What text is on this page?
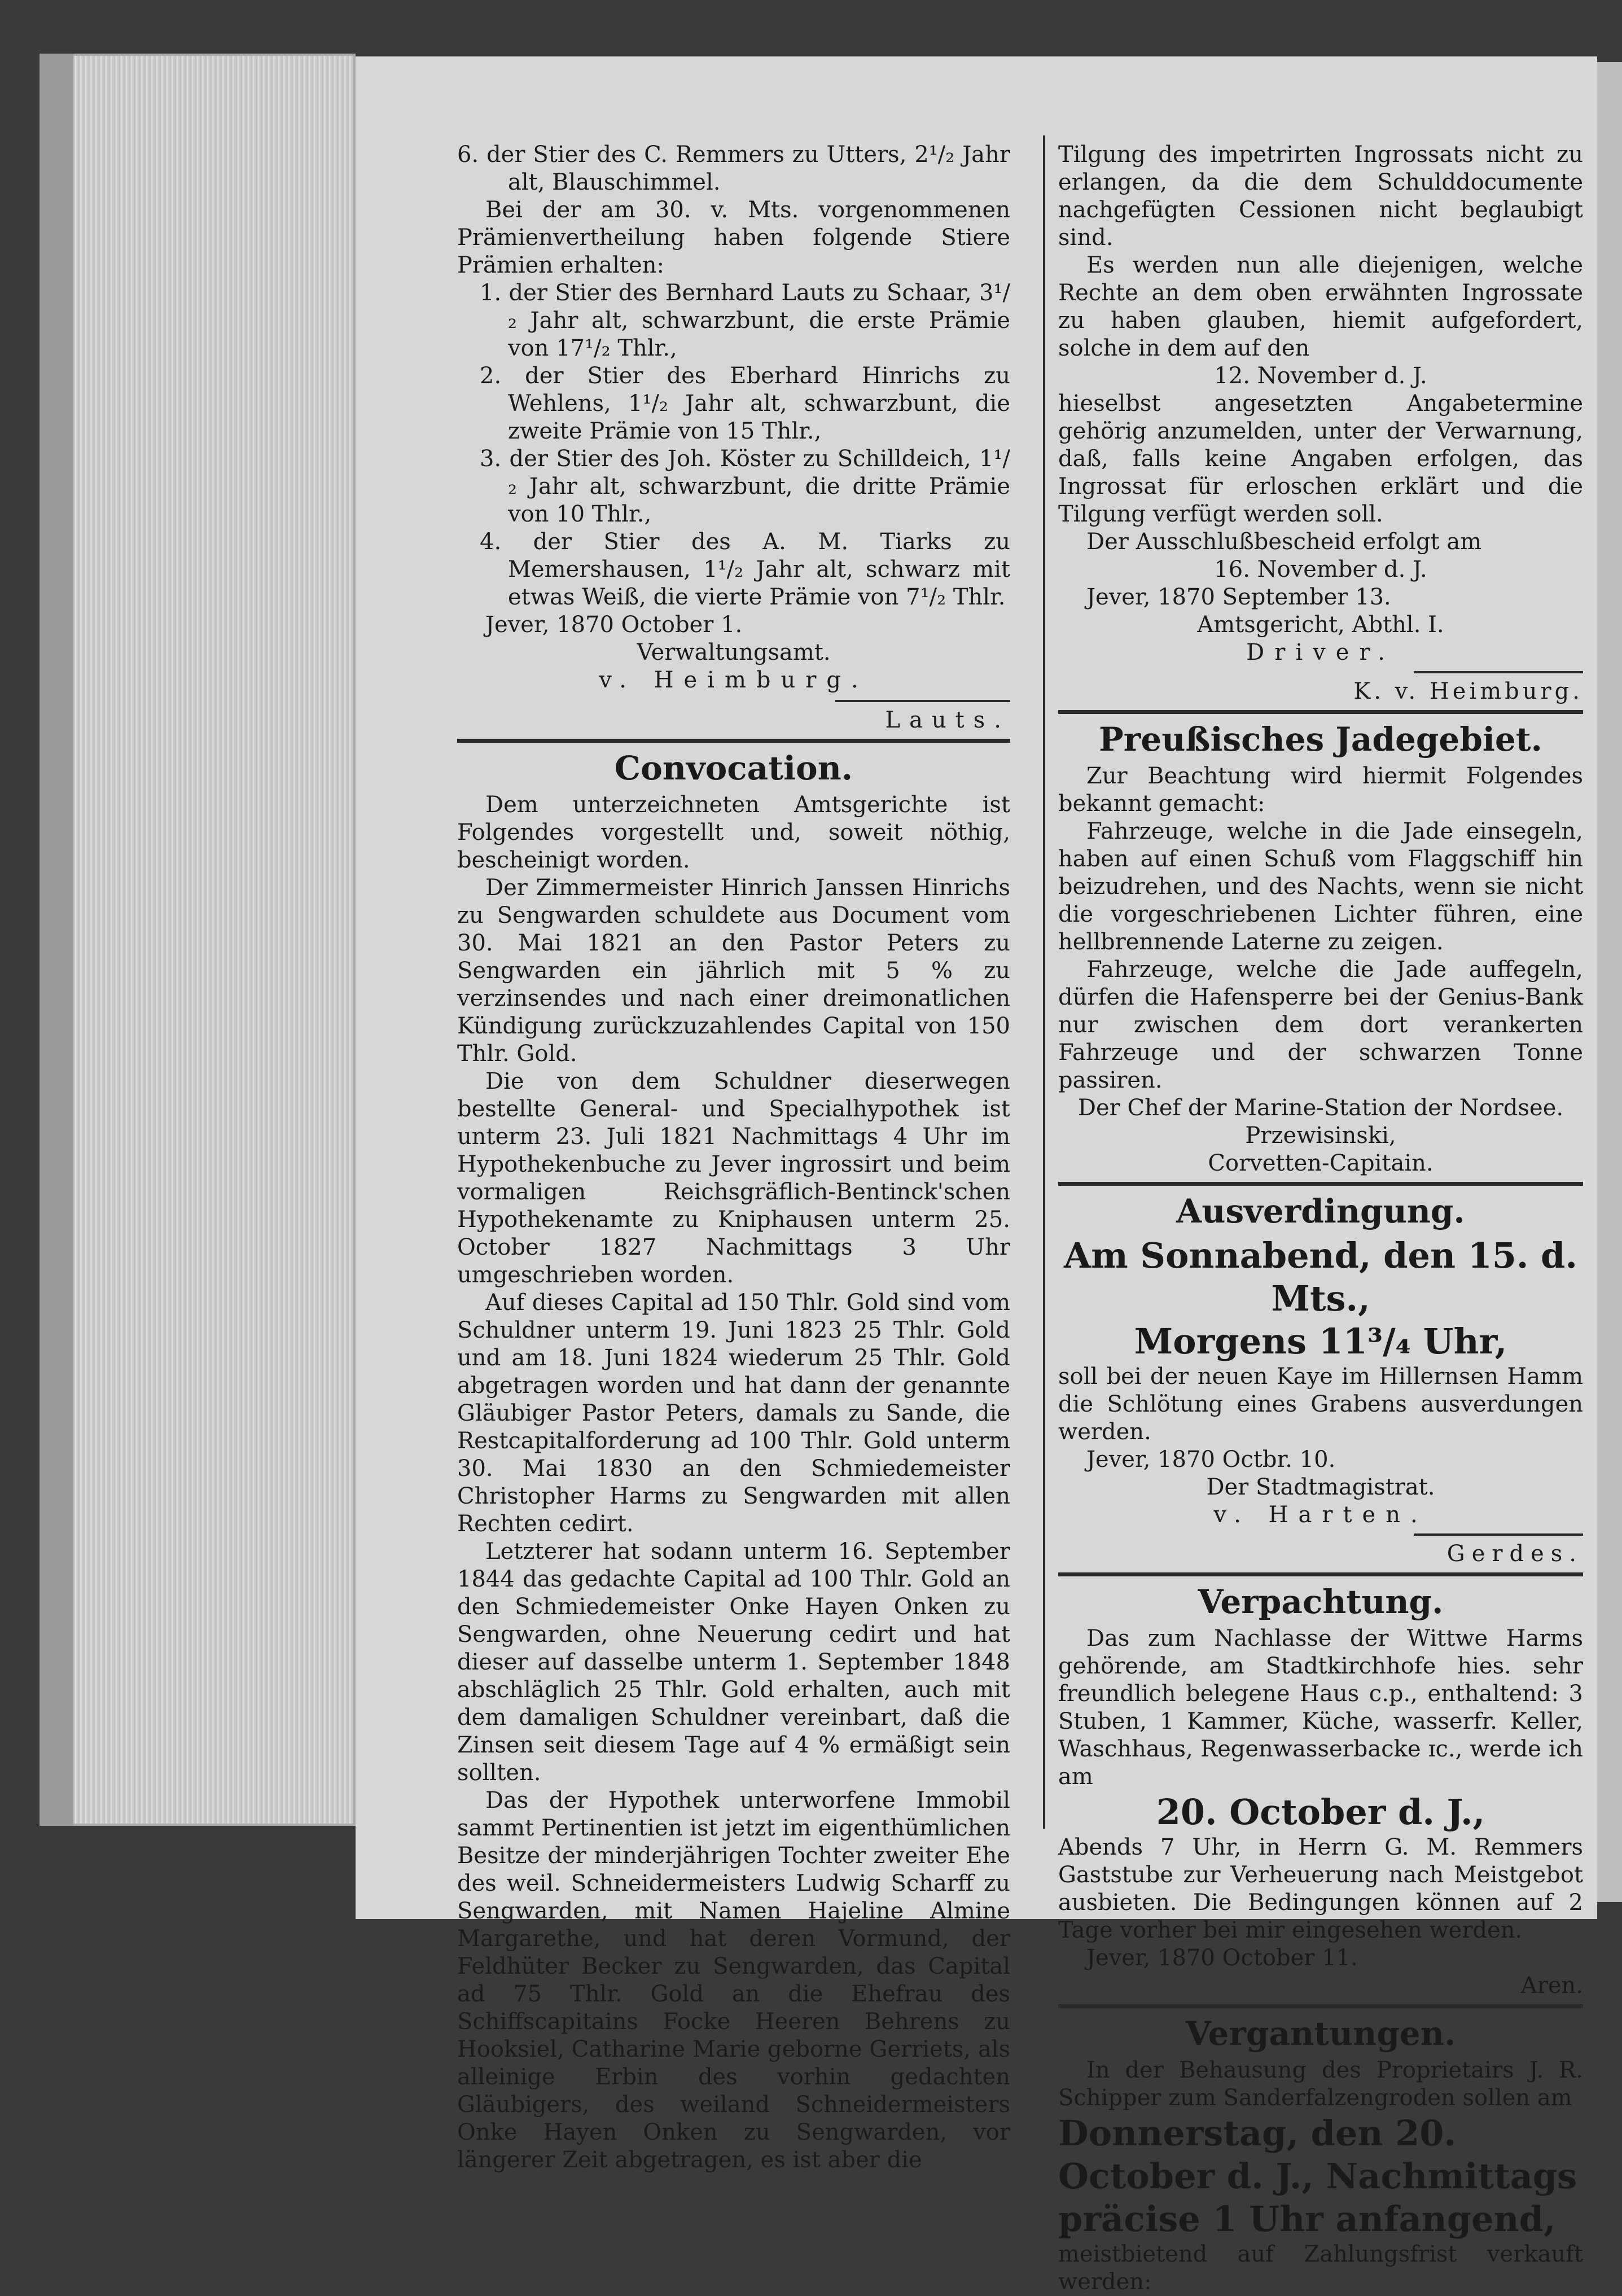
6. der Stier des C. Remmers zu Utters, 2¹/₂ Jahr alt, Blauschimmel.

Bei der am 30. v. Mts. vorgenommenen Prämienvertheilung haben folgende Stiere Prämien erhalten:

1. der Stier des Bernhard Lauts zu Schaar, 3¹/₂ Jahr alt, schwarzbunt, die erste Prämie von 17¹/₂ Thlr.,

2. der Stier des Eberhard Hinrichs zu Wehlens, 1¹/₂ Jahr alt, schwarzbunt, die zweite Prämie von 15 Thlr.,

3. der Stier des Joh. Köster zu Schilldeich, 1¹/₂ Jahr alt, schwarzbunt, die dritte Prämie von 10 Thlr.,

4. der Stier des A. M. Tiarks zu Memershausen, 1¹/₂ Jahr alt, schwarz mit etwas Weiß, die vierte Prämie von 7¹/₂ Thlr.

Jever, 1870 October 1.

Verwaltungsamt.

v. Heimburg.

Lauts.

Convocation.

Dem unterzeichneten Amtsgerichte ist Folgendes vorgestellt und, soweit nöthig, bescheinigt worden.

Der Zimmermeister Hinrich Janssen Hinrichs zu Sengwarden schuldete aus Document vom 30. Mai 1821 an den Pastor Peters zu Sengwarden ein jährlich mit 5 % zu verzinsendes und nach einer dreimonatlichen Kündigung zurückzuzahlendes Capital von 150 Thlr. Gold.

Die von dem Schuldner dieserwegen bestellte General- und Specialhypothek ist unterm 23. Juli 1821 Nachmittags 4 Uhr im Hypothekenbuche zu Jever ingrossirt und beim vormaligen Reichsgräflich-Bentinck'schen Hypothekenamte zu Kniphausen unterm 25. October 1827 Nachmittags 3 Uhr umgeschrieben worden.

Auf dieses Capital ad 150 Thlr. Gold sind vom Schuldner unterm 19. Juni 1823 25 Thlr. Gold und am 18. Juni 1824 wiederum 25 Thlr. Gold abgetragen worden und hat dann der genannte Gläubiger Pastor Peters, damals zu Sande, die Restcapitalforderung ad 100 Thlr. Gold unterm 30. Mai 1830 an den Schmiedemeister Christopher Harms zu Sengwarden mit allen Rechten cedirt.

Letzterer hat sodann unterm 16. September 1844 das gedachte Capital ad 100 Thlr. Gold an den Schmiedemeister Onke Hayen Onken zu Sengwarden, ohne Neuerung cedirt und hat dieser auf dasselbe unterm 1. September 1848 abschläglich 25 Thlr. Gold erhalten, auch mit dem damaligen Schuldner vereinbart, daß die Zinsen seit diesem Tage auf 4 % ermäßigt sein sollten.

Das der Hypothek unterworfene Immobil sammt Pertinentien ist jetzt im eigenthümlichen Besitze der minderjährigen Tochter zweiter Ehe des weil. Schneidermeisters Ludwig Scharff zu Sengwarden, mit Namen Hajeline Almine Margarethe, und hat deren Vormund, der Feldhüter Becker zu Sengwarden, das Capital ad 75 Thlr. Gold an die Ehefrau des Schiffscapitains Focke Heeren Behrens zu Hooksiel, Catharine Marie geborne Gerriets, als alleinige Erbin des vorhin gedachten Gläubigers, des weiland Schneidermeisters Onke Hayen Onken zu Sengwarden, vor längerer Zeit abgetragen, es ist aber die

Tilgung des impetrirten Ingrossats nicht zu erlangen, da die dem Schulddocumente nachgefügten Cessionen nicht beglaubigt sind.

Es werden nun alle diejenigen, welche Rechte an dem oben erwähnten Ingrossate zu haben glauben, hiemit aufgefordert, solche in dem auf den

12. November d. J.

hieselbst angesetzten Angabetermine gehörig anzumelden, unter der Verwarnung, daß, falls keine Angaben erfolgen, das Ingrossat für erloschen erklärt und die Tilgung verfügt werden soll.

Der Ausschlußbescheid erfolgt am

16. November d. J.

Jever, 1870 September 13.

Amtsgericht, Abthl. I.

Driver.

K. v. Heimburg.

Preußisches Jadegebiet.

Zur Beachtung wird hiermit Folgendes bekannt gemacht:

Fahrzeuge, welche in die Jade einsegeln, haben auf einen Schuß vom Flaggschiff hin beizudrehen, und des Nachts, wenn sie nicht die vorgeschriebenen Lichter führen, eine hellbrennende Laterne zu zeigen.

Fahrzeuge, welche die Jade auffegeln, dürfen die Hafensperre bei der Genius-Bank nur zwischen dem dort verankerten Fahrzeuge und der schwarzen Tonne passiren.

Der Chef der Marine-Station der Nordsee.

Przewisinski,

Corvetten-Capitain.

Ausverdingung.
Am Sonnabend, den 15. d. Mts.,
Morgens 11³/₄ Uhr,

soll bei der neuen Kaye im Hillernsen Hamm die Schlötung eines Grabens ausverdungen werden.

Jever, 1870 Octbr. 10.

Der Stadtmagistrat.

v. Harten.

Gerdes.

Verpachtung.

Das zum Nachlasse der Wittwe Harms gehörende, am Stadtkirchhofe hies. sehr freundlich belegene Haus c.p., enthaltend: 3 Stuben, 1 Kammer, Küche, wasserfr. Keller, Waschhaus, Regenwasserbacke ɪc., werde ich am

20. October d. J.,

Abends 7 Uhr, in Herrn G. M. Remmers Gaststube zur Verheuerung nach Meistgebot ausbieten. Die Bedingungen können auf 2 Tage vorher bei mir eingesehen werden.

Jever, 1870 October 11.

Aren.

Vergantungen.

In der Behausung des Proprietairs J. R. Schipper zum Sanderfalzengroden sollen am

Donnerstag, den 20. October d. J., Nachmittags präcise 1 Uhr anfangend,

meistbietend auf Zahlungsfrist verkauft werden:
